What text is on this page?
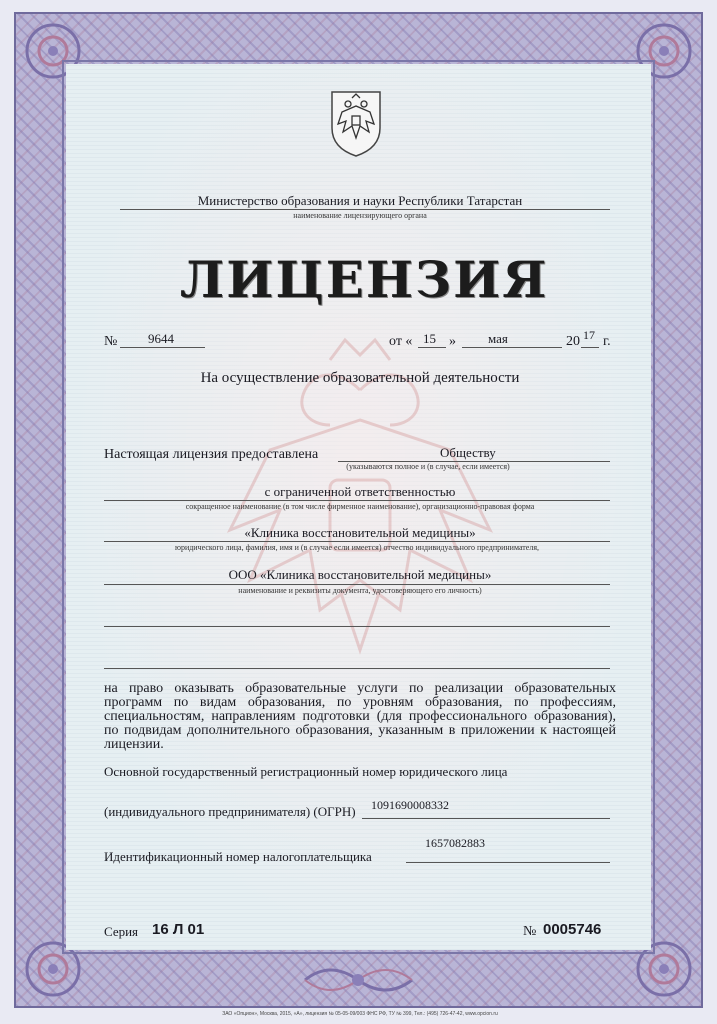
Министерство образования и науки Республики Татарстан
наименование лицензирующего органа
ЛИЦЕНЗИЯ
№ 9644	от « 15 » мая	20 17 г.
На осуществление образовательной деятельности
Настоящая лицензия предоставлена	Обществу
(указываются полное и (в случае, если имеется)
с ограниченной ответственностью
сокращенное наименование (в том числе фирменное наименование), организационно-правовая форма
«Клиника восстановительной медицины»
юридического лица, фамилия, имя и (в случае если имеется) отчество индивидуального предпринимателя,
ООО «Клиника восстановительной медицины»
наименование и реквизиты документа, удостоверяющего его личность)
на право оказывать образовательные услуги по реализации образовательных программ по видам образования, по уровням образования, по профессиям, специальностям, направлениям подготовки (для профессионального образования), по подвидам дополнительного образования, указанным в приложении к настоящей лицензии.
Основной государственный регистрационный номер юридического лица
(индивидуального предпринимателя) (ОГРН) 1091690008332
Идентификационный номер налогоплательщика
1657082883
Серия 16 Л 01	№ 0005746
ЗАО «Опцион», Москва, 2015, «А», лицензия № 05-05-09/003 ФНС РФ, ТУ № 399, Тел.: (495) 726-47-42, www.opcion.ru
